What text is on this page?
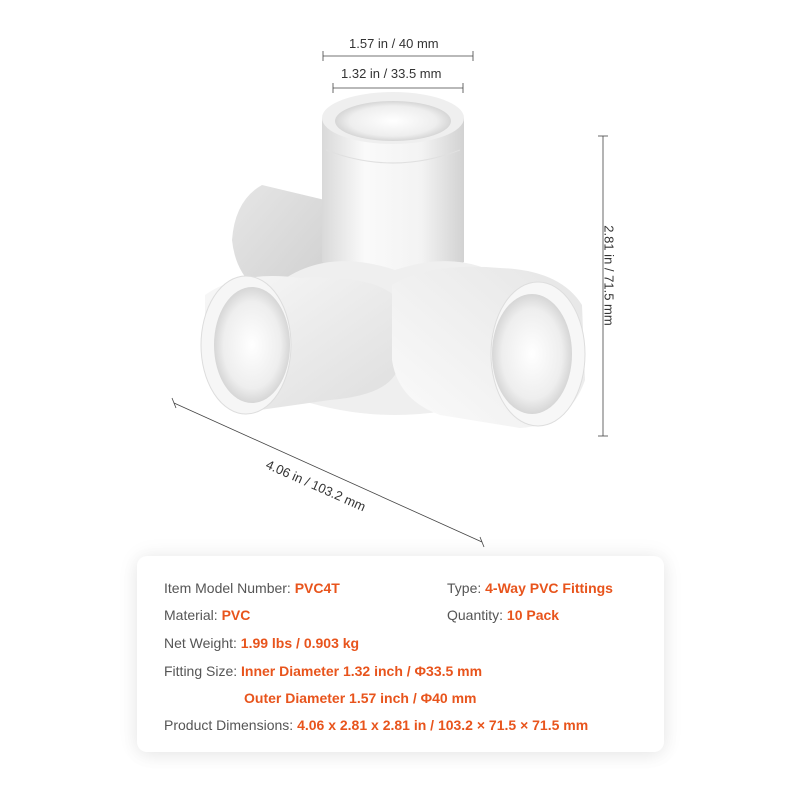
1.57 in / 40 mm
1.32 in / 33.5 mm
2.81 in / 71.5 mm
4.06 in / 103.2 mm
Item Model Number: PVC4T	Type: 4-Way PVC Fittings
Material: PVC	Quantity: 10 Pack
Net Weight: 1.99 lbs / 0.903 kg
Fitting Size: Inner Diameter 1.32 inch / Φ33.5 mm
Outer Diameter 1.57 inch / Φ40 mm
Product Dimensions: 4.06 x 2.81 x 2.81 in / 103.2 × 71.5 × 71.5 mm
